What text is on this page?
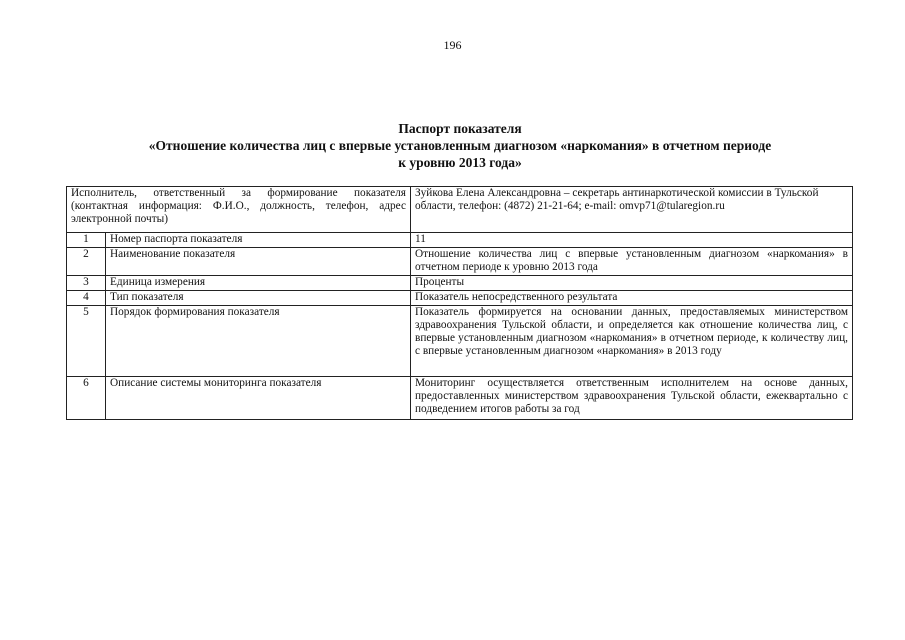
196
Паспорт показателя
«Отношение количества лиц с впервые установленным диагнозом «наркомания» в отчетном периоде
к уровню 2013 года»
Исполнитель, ответственный за формирование показателя (контактная информация: Ф.И.О., должность, телефон, адрес электронной почты)		Зуйкова Елена Александровна – секретарь антинаркотической комиссии в Тульской области, телефон: (4872) 21-21-64; e-mail: omvp71@tularegion.ru
1	Номер паспорта показателя	11
2	Наименование показателя	Отношение количества лиц с впервые установленным диагнозом «наркомания» в отчетном периоде к уровню 2013 года
3	Единица измерения	Проценты
4	Тип показателя	Показатель непосредственного результата
5	Порядок формирования показателя	Показатель формируется на основании данных, предоставляемых министерством здравоохранения Тульской области, и определяется как отношение количества лиц, с впервые установленным диагнозом «наркомания» в отчетном периоде, к количеству лиц, с впервые установленным диагнозом «наркомания» в 2013 году
6	Описание системы мониторинга показателя	Мониторинг осуществляется ответственным исполнителем на основе данных, предоставленных министерством здравоохранения Тульской области, ежеквартально с подведением итогов работы за год
